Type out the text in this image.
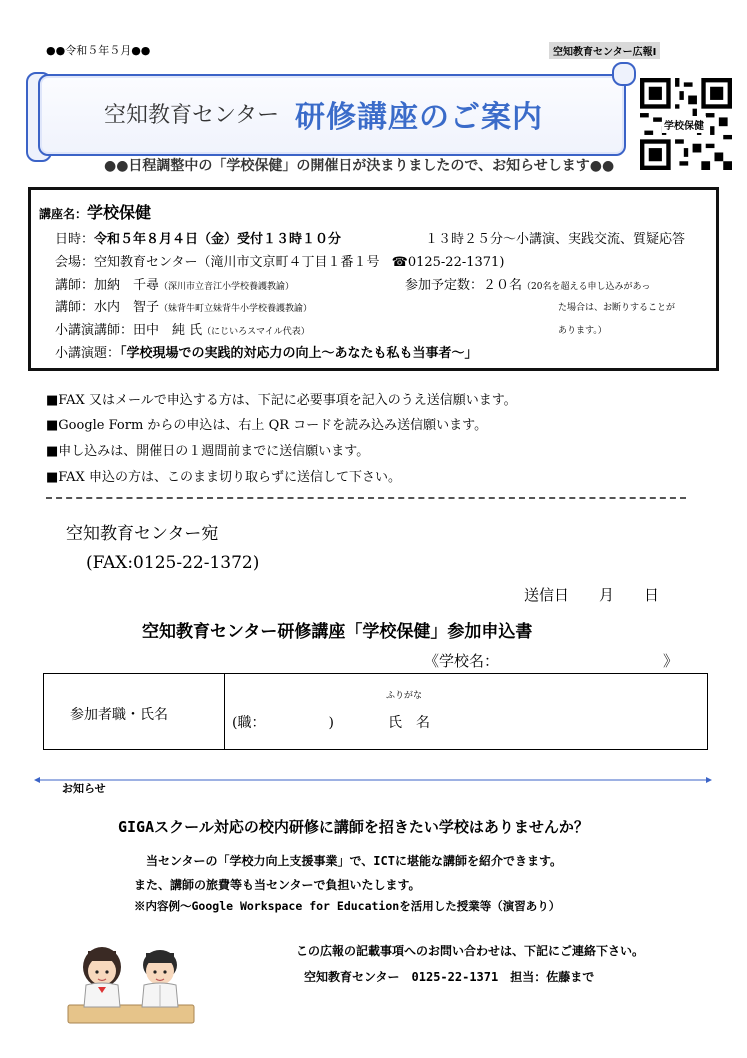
●●令和５年５月●●	空知教育センター広報Ⅰ
空知教育センター 研修講座のご案内	学校保健
●●日程調整中の「学校保健」の開催日が決まりましたので、お知らせします●●
講座名：学校保健
日時：令和５年８月４日（金）受付１３時１０分	１３時２５分～小講演、実践交流、質疑応答
会場：空知教育センター（滝川市文京町４丁目１番１号 ☎0125-22-1371)
講師：加納　千尋（深川市立音江小学校養護教諭）	参加予定数：２０名（20名を超える申し込みがあっ
講師：水内　智子（妹背牛町立妹背牛小学校養護教諭）	た場合は、お断りすることが
小講演講師：田中　純 氏（にじいろスマイル代表）	あります。）
小講演題：「学校現場での実践的対応力の向上～あなたも私も当事者～」
■FAX 又はメールで申込する方は、下記に必要事項を記入のうえ送信願います。
■Google Form からの申込は、右上 QR コードを読み込み送信願います。
■申し込みは、開催日の１週間前までに送信願います。
■FAX 申込の方は、このまま切り取らずに送信して下さい。
空知教育センター宛
(FAX:0125-22-1372)
送信日　　月　　日
空知教育センター研修講座「学校保健」参加申込書
《学校名：	》
参加者職・氏名
ふりがな
(職：　　　　　)	氏　名
お知らせ
GIGAスクール対応の校内研修に講師を招きたい学校はありませんか？
当センターの「学校力向上支援事業」で、ICTに堪能な講師を紹介できます。
また、講師の旅費等も当センターで負担いたします。
※内容例～Google Workspace for Educationを活用した授業等（演習あり）
この広報の記載事項へのお問い合わせは、下記にご連絡下さい。
空知教育センター　0125-22-1371　担当：佐藤まで
